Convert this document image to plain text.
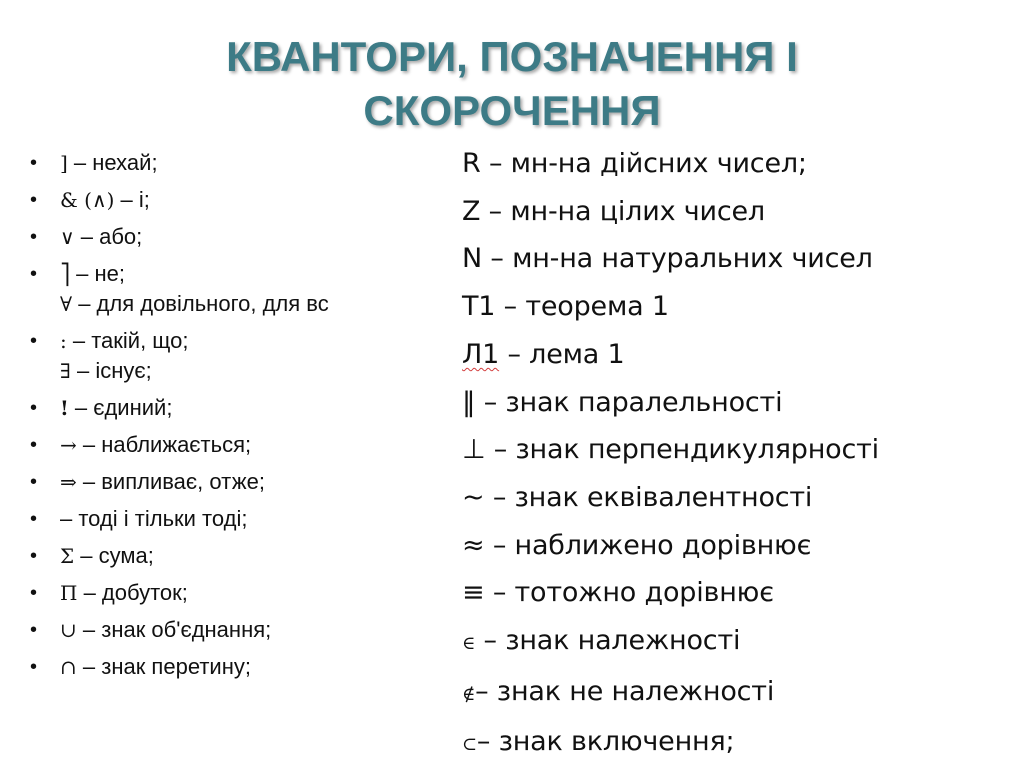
КВАНТОРИ, ПОЗНАЧЕННЯ І
СКОРОЧЕННЯ
• ] – нехай;
• & (∧) – і;
• ∨ – або;
• ⎤ – не;
∀ – для довільного, для вс
• : – такій, що;
∃ – існує;
• ! – єдиний;
• → – наближається;
• ⇒ – випливає, отже;
• – тоді і тільки тоді;
• Σ – сума;
• Π – добуток;
• ∪ – знак об'єднання;
• ∩ – знак перетину;
R – мн-на дійсних чисел;
Z – мн-на цілих чисел
N – мн-на натуральних чисел
T1 – теорема 1
Л1 – лема 1
‖ – знак паралельності
⊥ – знак перпендикулярності
~ – знак еквівалентності
≈ – наближено дорівнює
≡ – тотожно дорівнює
∈ – знак належності
∉– знак не належності
⊂– знак включення;
